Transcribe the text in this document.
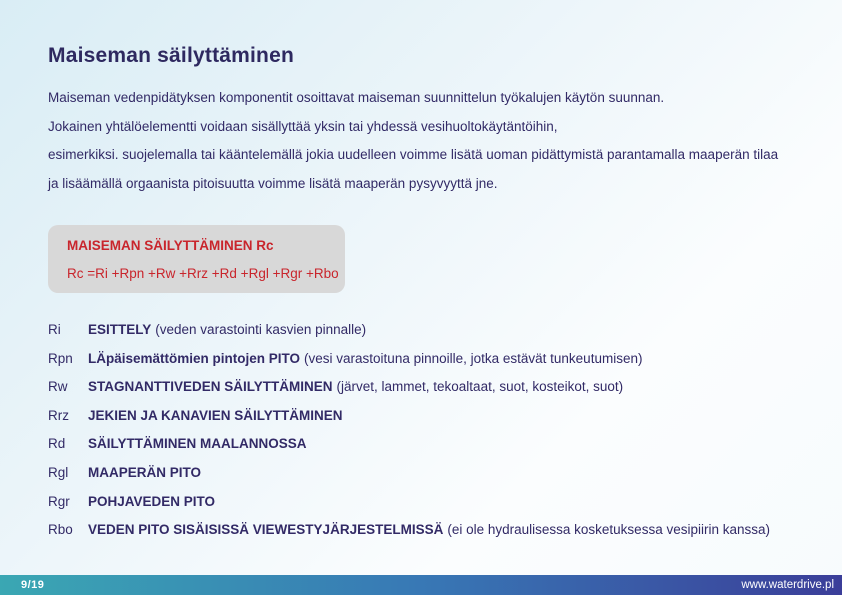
Maiseman säilyttäminen
Maiseman vedenpidätyksen komponentit osoittavat maiseman suunnittelun työkalujen käytön suunnan.
Jokainen yhtälöelementti voidaan sisällyttää yksin tai yhdessä vesihuoltokäytäntöihin,
esimerkiksi. suojelemalla tai kääntelemällä jokia uudelleen voimme lisätä uoman pidättymistä parantamalla maaperän tilaa
ja lisäämällä orgaanista pitoisuutta voimme lisätä maaperän pysyvyyttä jne.
MAISEMAN SÄILYTTÄMINEN Rc
Rc =Ri +Rpn +Rw +Rrz +Rd +Rgl +Rgr +Rbo
Ri	ESITTELY (veden varastointi kasvien pinnalle)
Rpn	LÄpäisemättömien pintojen PITO (vesi varastoituna pinnoille, jotka estävät tunkeutumisen)
Rw	STAGNANTTIVEDEN SÄILYTTÄMINEN (järvet, lammet, tekoaltaat, suot, kosteikot, suot)
Rrz	JEKIEN JA KANAVIEN SÄILYTTÄMINEN
Rd	SÄILYTTÄMINEN MAALANNOSSA
Rgl	MAAPERÄN PITO
Rgr	POHJAVEDEN PITO
Rbo	VEDEN PITO SISÄISISSÄ VIEWESTYJÄRJESTELMISSÄ (ei ole hydraulisessa kosketuksessa vesipiirin kanssa)
9/19	www.waterdrive.pl
